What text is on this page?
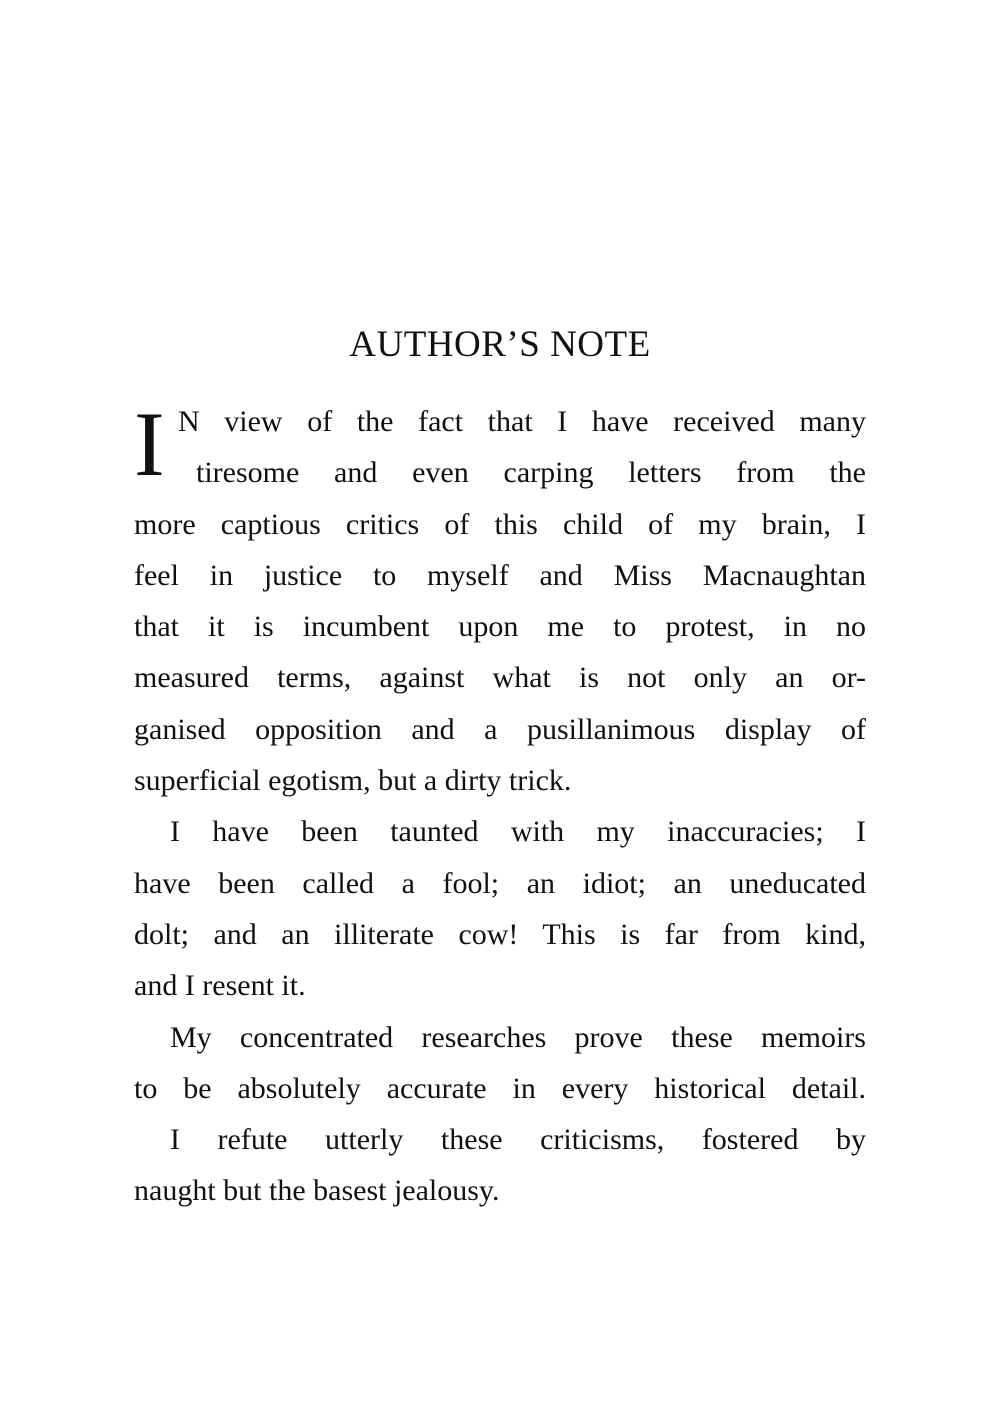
AUTHOR’S NOTE
I N view of the fact that I have received many
tiresome and even carping letters from the
more captious critics of this child of my brain, I
feel in justice to myself and Miss Macnaughtan
that it is incumbent upon me to protest, in no
measured terms, against what is not only an or-
ganised opposition and a pusillanimous display of
superficial egotism, but a dirty trick.
I have been taunted with my inaccuracies; I
have been called a fool; an idiot; an uneducated
dolt; and an illiterate cow! This is far from kind,
and I resent it.
My concentrated researches prove these memoirs
to be absolutely accurate in every historical detail.
I refute utterly these criticisms, fostered by
naught but the basest jealousy.
